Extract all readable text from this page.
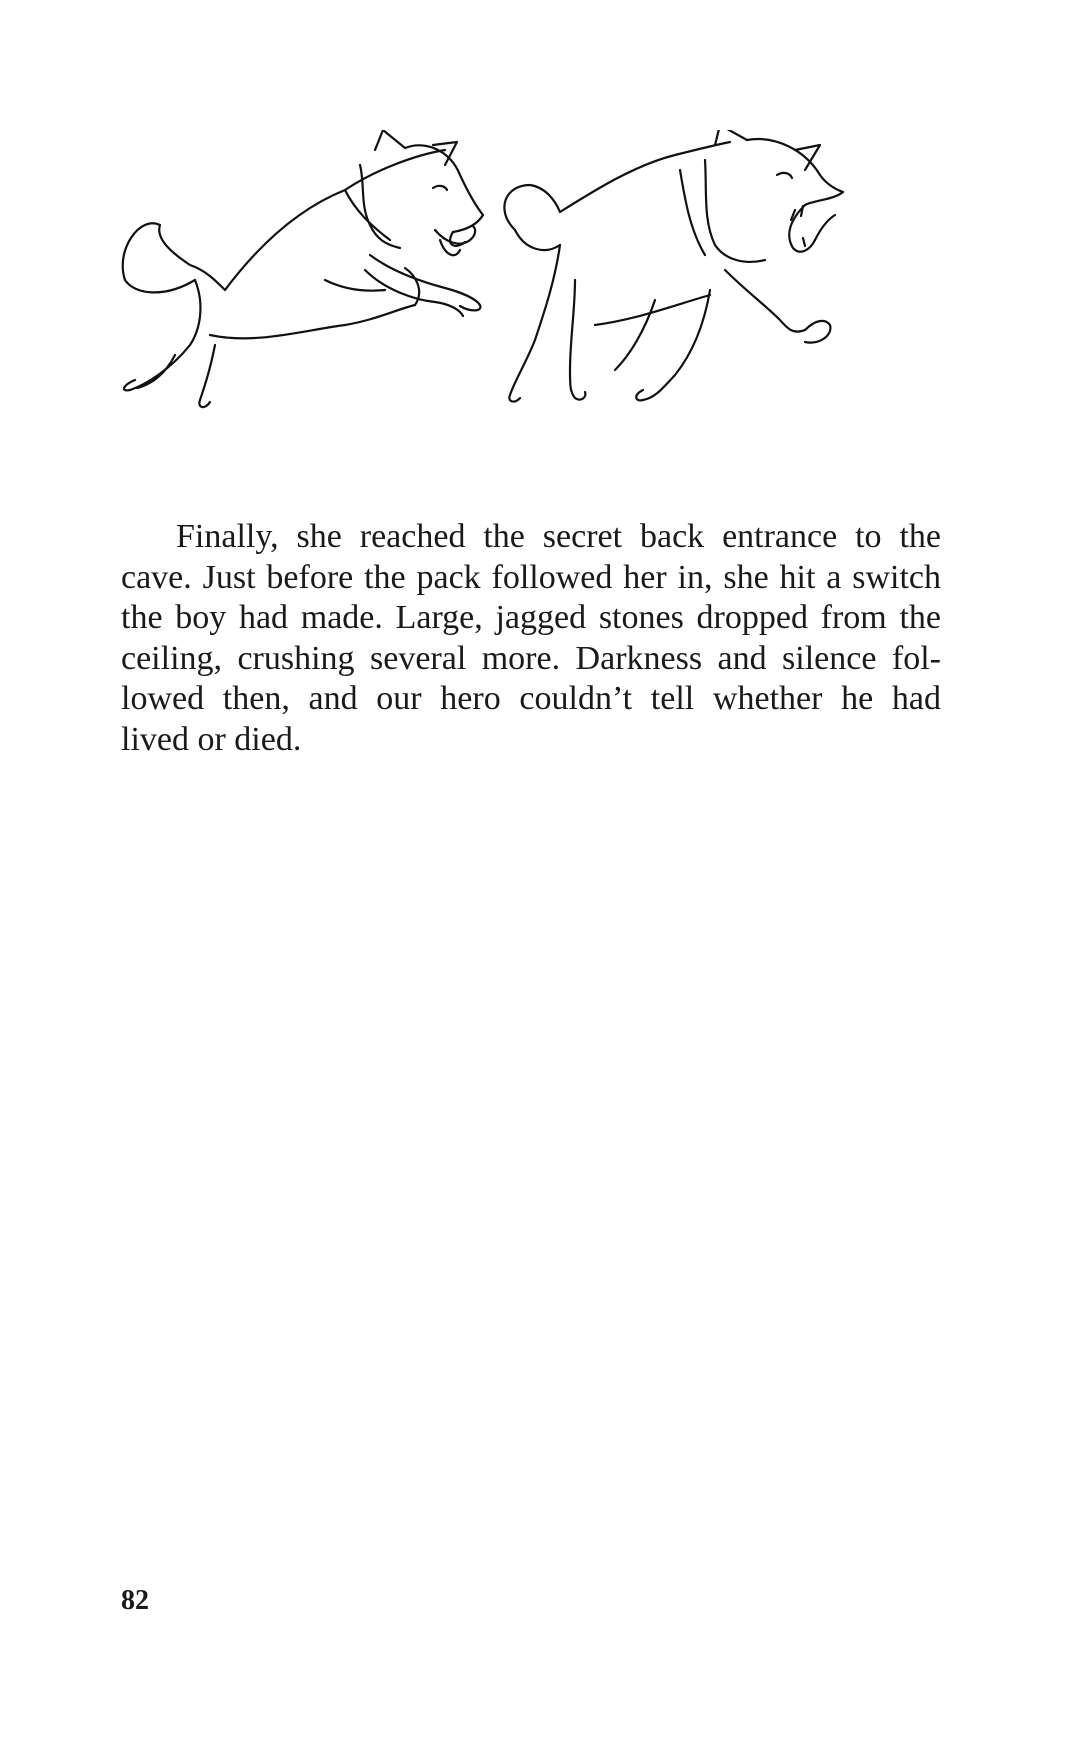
Finally, she reached the secret back entrance to the
cave. Just before the pack followed her in, she hit a switch
the boy had made. Large, jagged stones dropped from the
ceiling, crushing several more. Darkness and silence fol-
lowed then, and our hero couldn’t tell whether he had
lived or died.

82
